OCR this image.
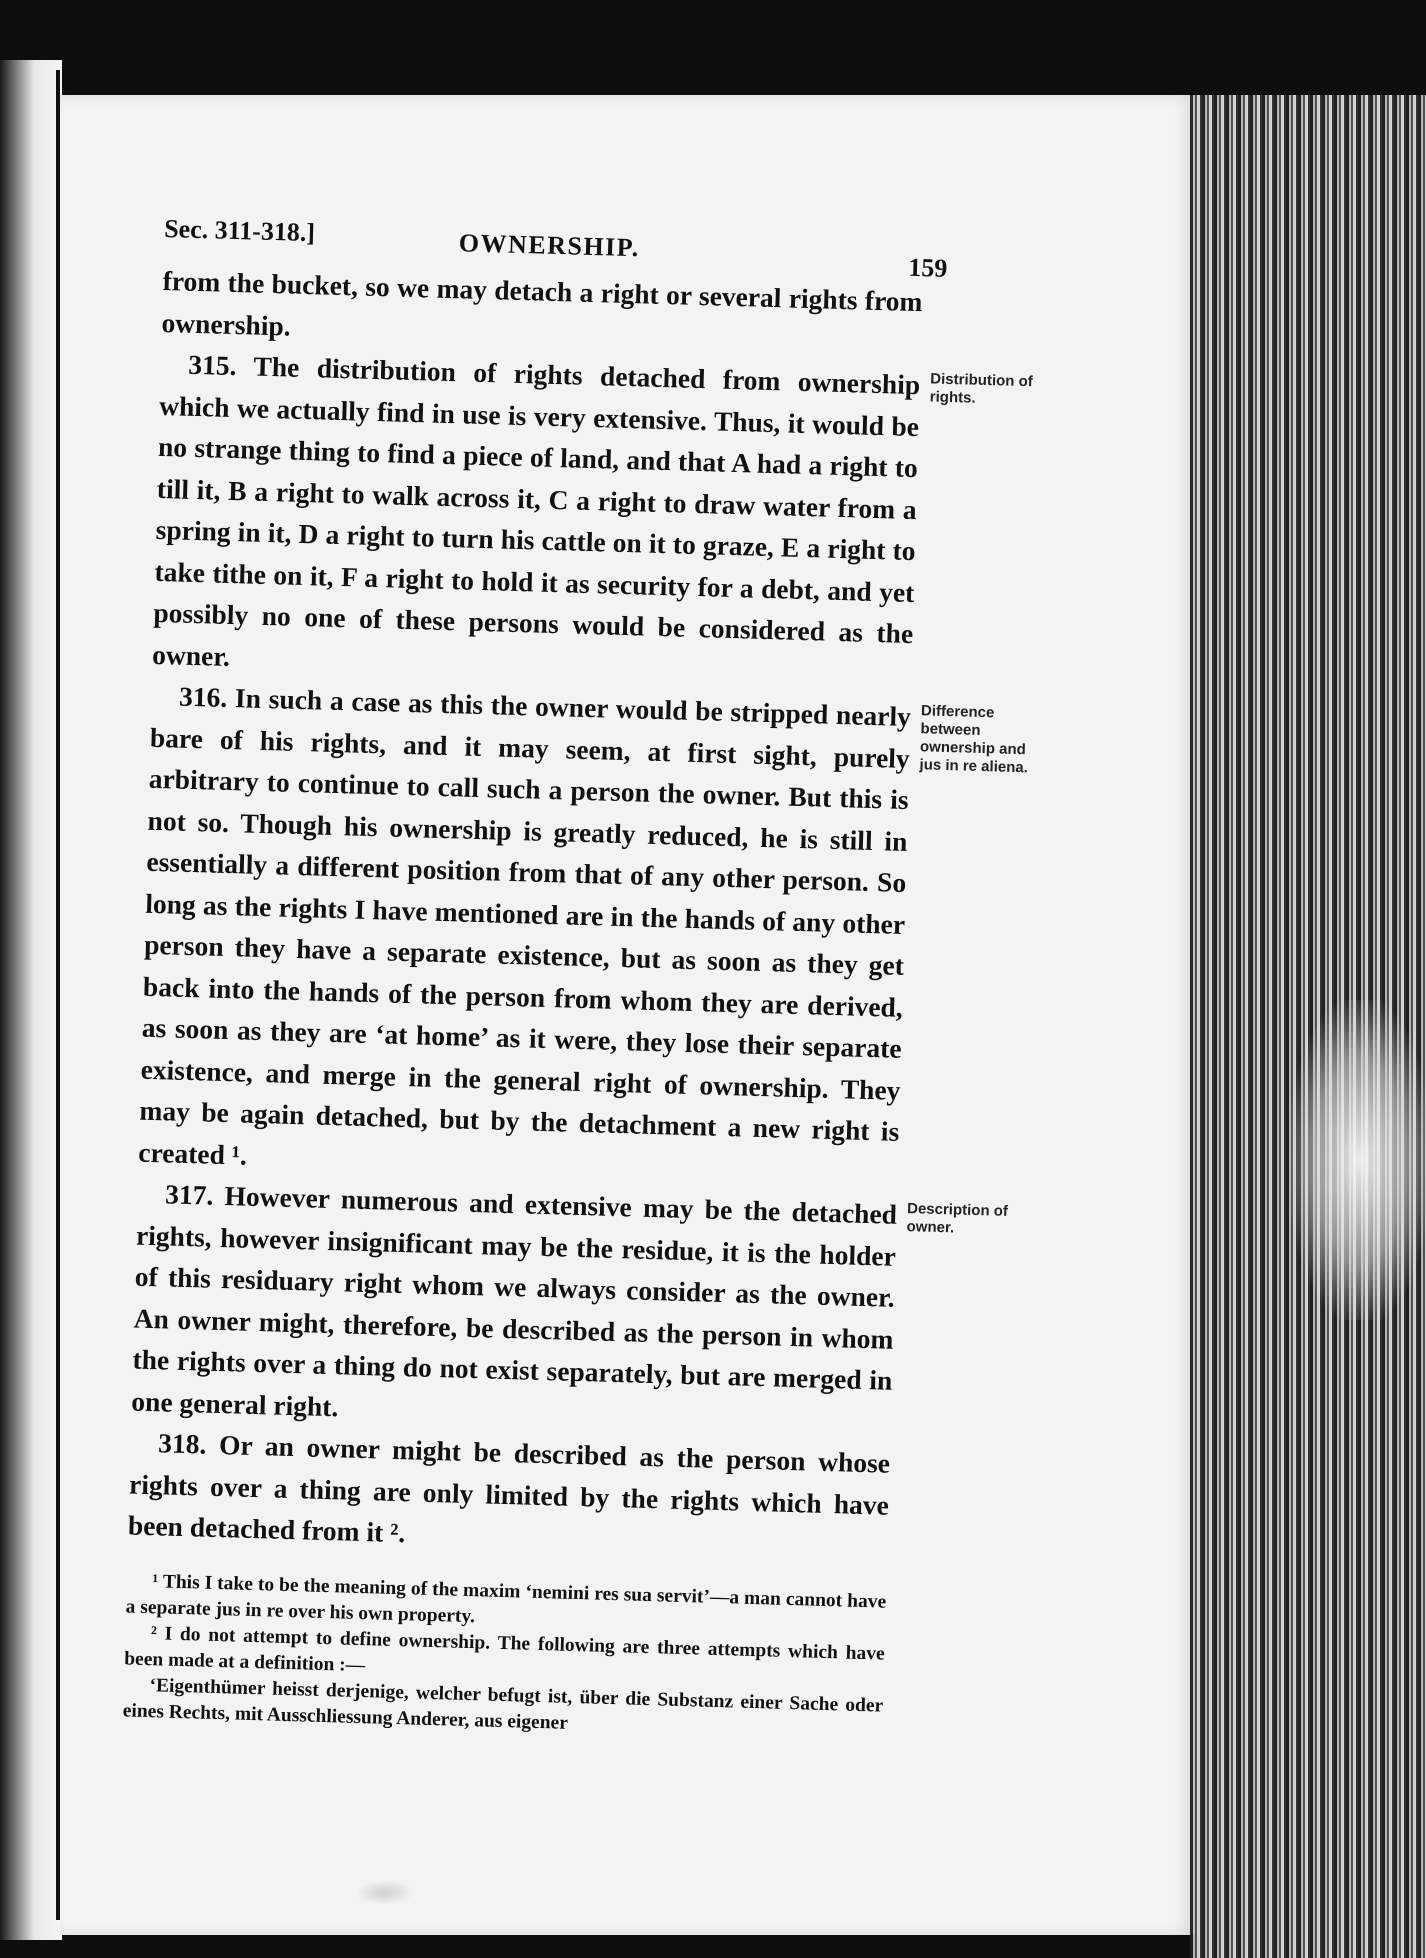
Sec. 311-318.]	OWNERSHIP.
159

from the bucket, so we may detach a right or several rights from ownership.

315. The distribution of rights detached from ownership which we actually find in use is very extensive. Thus, it would be no strange thing to find a piece of land, and that A had a right to till it, B a right to walk across it, C a right to draw water from a spring in it, D a right to turn his cattle on it to graze, E a right to take tithe on it, F a right to hold it as security for a debt, and yet possibly no one of these persons would be considered as the owner.

Distribution of rights.

316. In such a case as this the owner would be stripped nearly bare of his rights, and it may seem, at first sight, purely arbitrary to continue to call such a person the owner. But this is not so. Though his ownership is greatly reduced, he is still in essentially a different position from that of any other person. So long as the rights I have mentioned are in the hands of any other person they have a separate existence, but as soon as they get back into the hands of the person from whom they are derived, as soon as they are ‘at home’ as it were, they lose their separate existence, and merge in the general right of ownership. They may be again detached, but by the detachment a new right is created ¹.

Difference between ownership and jus in re aliena.

317. However numerous and extensive may be the detached rights, however insignificant may be the residue, it is the holder of this residuary right whom we always consider as the owner. An owner might, therefore, be described as the person in whom the rights over a thing do not exist separately, but are merged in one general right.

Description of owner.

318. Or an owner might be described as the person whose rights over a thing are only limited by the rights which have been detached from it ².

¹ This I take to be the meaning of the maxim ‘nemini res sua servit’—a man cannot have a separate jus in re over his own property.

² I do not attempt to define ownership. The following are three attempts which have been made at a definition :—

‘Eigenthümer heisst derjenige, welcher befugt ist, über die Substanz einer Sache oder eines Rechts, mit Ausschliessung Anderer, aus eigener
